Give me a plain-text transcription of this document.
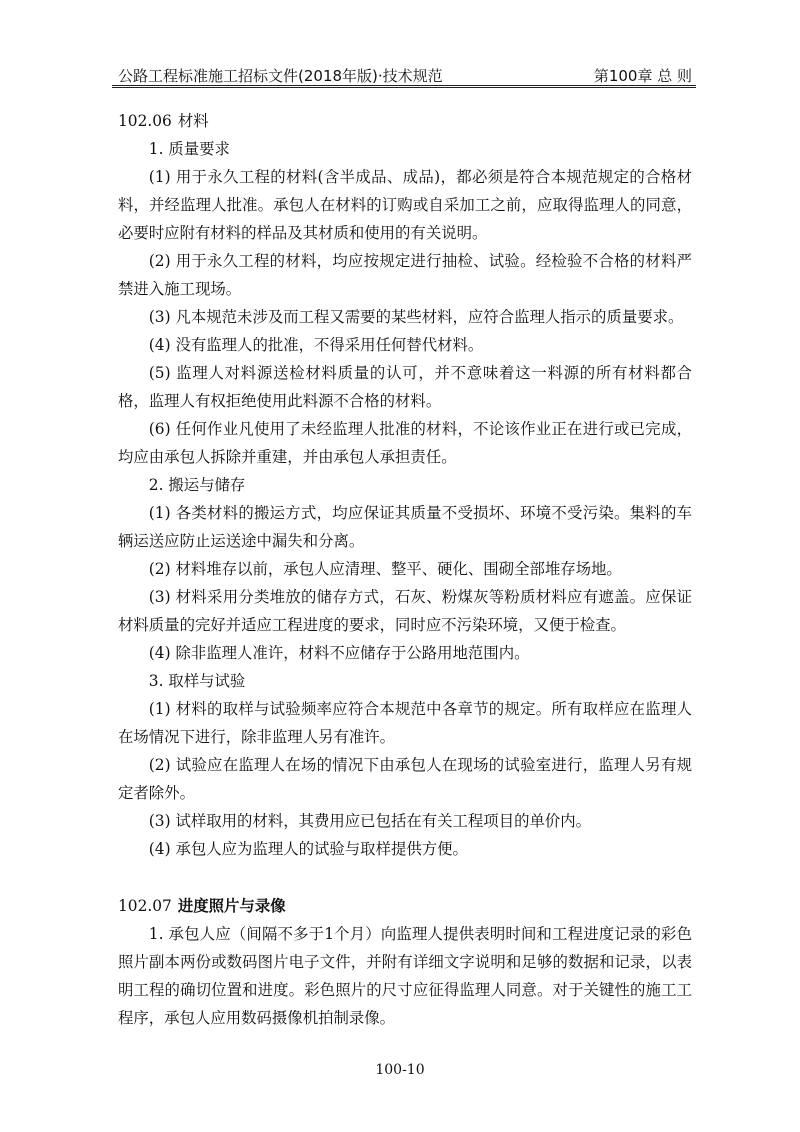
公路工程标准施工招标文件(2018年版)·技术规范	第100章 总 则
102.06 材料

1. 质量要求

(1) 用于永久工程的材料(含半成品、成品)，都必须是符合本规范规定的合格材料，并经监理人批准。承包人在材料的订购或自采加工之前，应取得监理人的同意，必要时应附有材料的样品及其材质和使用的有关说明。

(2) 用于永久工程的材料，均应按规定进行抽检、试验。经检验不合格的材料严禁进入施工现场。

(3) 凡本规范未涉及而工程又需要的某些材料，应符合监理人指示的质量要求。

(4) 没有监理人的批准，不得采用任何替代材料。

(5) 监理人对料源送检材料质量的认可，并不意味着这一料源的所有材料都合格，监理人有权拒绝使用此料源不合格的材料。

(6) 任何作业凡使用了未经监理人批准的材料，不论该作业正在进行或已完成，均应由承包人拆除并重建，并由承包人承担责任。

2. 搬运与储存

(1) 各类材料的搬运方式，均应保证其质量不受损坏、环境不受污染。集料的车辆运送应防止运送途中漏失和分离。

(2) 材料堆存以前，承包人应清理、整平、硬化、围砌全部堆存场地。

(3) 材料采用分类堆放的储存方式，石灰、粉煤灰等粉质材料应有遮盖。应保证材料质量的完好并适应工程进度的要求，同时应不污染环境，又便于检查。

(4) 除非监理人准许，材料不应储存于公路用地范围内。

3. 取样与试验

(1) 材料的取样与试验频率应符合本规范中各章节的规定。所有取样应在监理人在场情况下进行，除非监理人另有准许。

(2) 试验应在监理人在场的情况下由承包人在现场的试验室进行，监理人另有规定者除外。

(3) 试样取用的材料，其费用应已包括在有关工程项目的单价内。

(4) 承包人应为监理人的试验与取样提供方便。

102.07 进度照片与录像

1. 承包人应（间隔不多于1个月）向监理人提供表明时间和工程进度记录的彩色照片副本两份或数码图片电子文件，并附有详细文字说明和足够的数据和记录，以表明工程的确切位置和进度。彩色照片的尺寸应征得监理人同意。对于关键性的施工工程序，承包人应用数码摄像机拍制录像。

100-10
